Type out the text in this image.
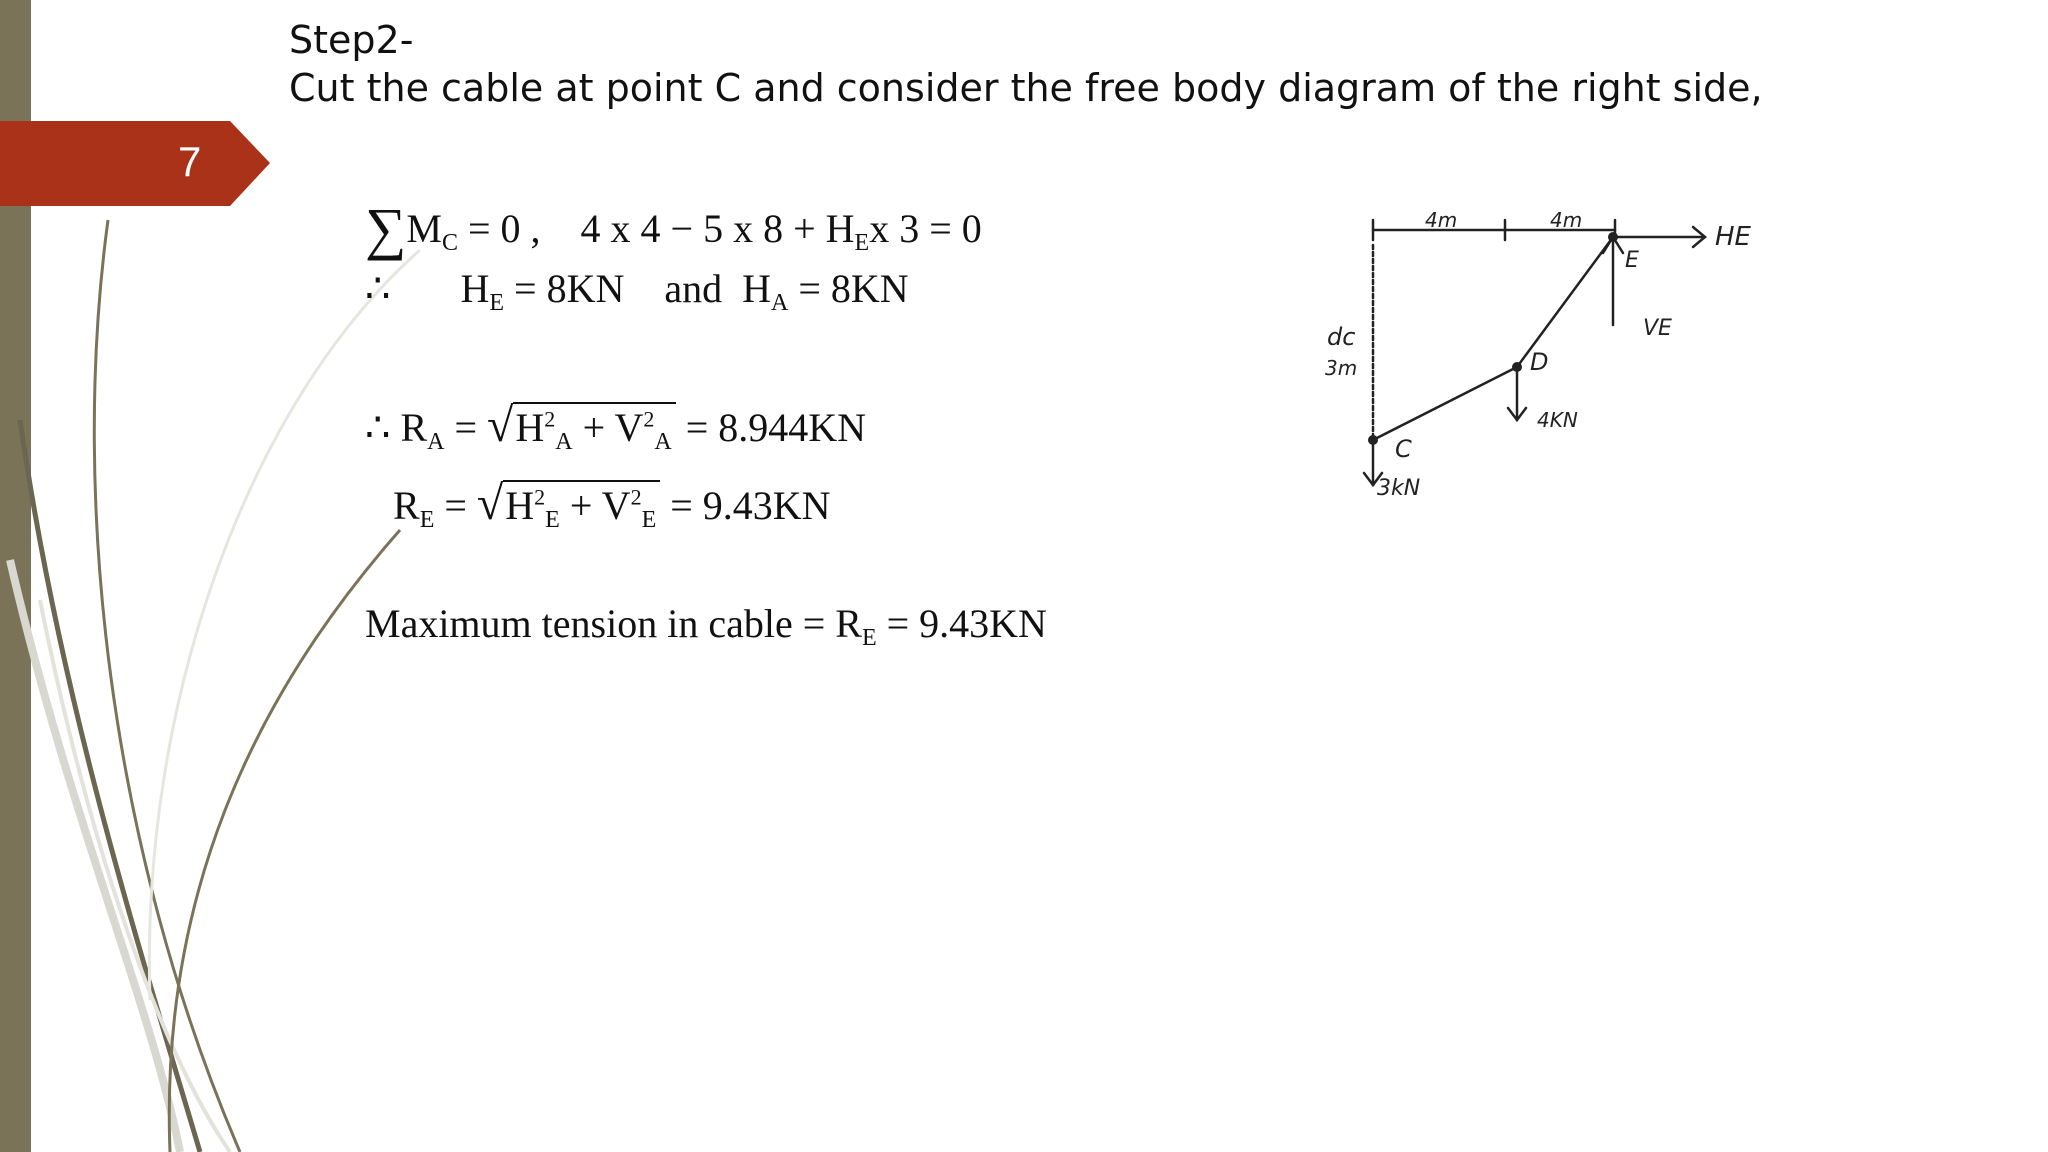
7
Step2-
Cut the cable at point C and consider the free body diagram of the right side,
$\sum M_C = 0$ , 4 x 4 − 5 x $8 + H_Ex$ 3 = 0
∴ $H_E = 8KN$ and $H_A = 8KN$
∴ $R_A = √H^2_A + V^2_A = 8.944KN$
$R_E = √H^2_E + V^2_E = 9.43KN$
Maximum tension in cable = $R_E = 9.43KN$
4m	4m
HE
E
VE
dc
3m	D
4KN
C
3kN
